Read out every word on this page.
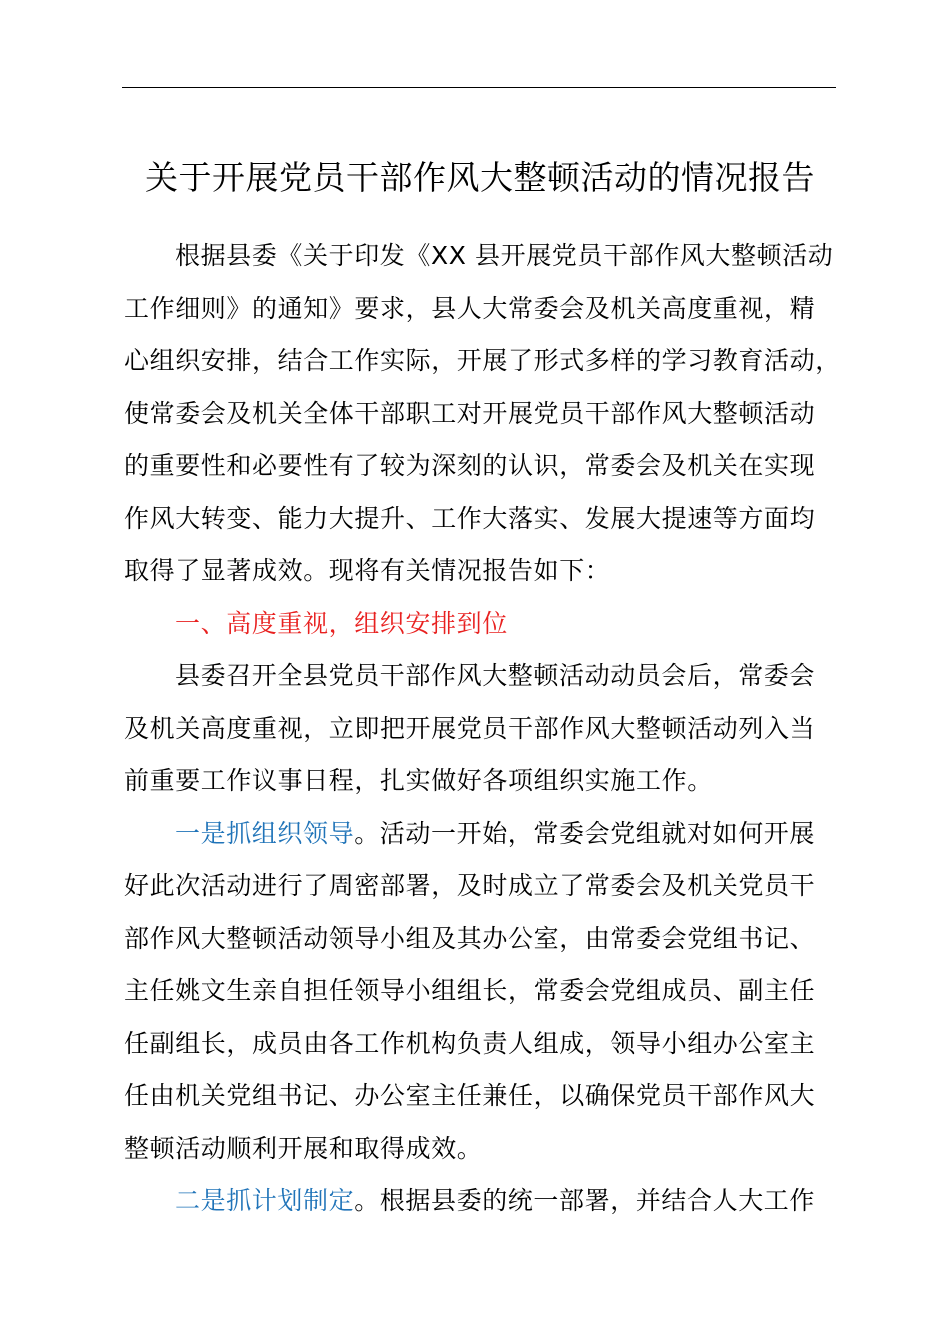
关于开展党员干部作风大整顿活动的情况报告
根据县委《关于印发《XX 县开展党员干部作风大整顿活动
工作细则》的通知》要求，县人大常委会及机关高度重视，精
心组织安排，结合工作实际，开展了形式多样的学习教育活动，
使常委会及机关全体干部职工对开展党员干部作风大整顿活动
的重要性和必要性有了较为深刻的认识，常委会及机关在实现
作风大转变、能力大提升、工作大落实、发展大提速等方面均
取得了显著成效。现将有关情况报告如下：
一、高度重视，组织安排到位
县委召开全县党员干部作风大整顿活动动员会后，常委会
及机关高度重视，立即把开展党员干部作风大整顿活动列入当
前重要工作议事日程，扎实做好各项组织实施工作。
一是抓组织领导。活动一开始，常委会党组就对如何开展
好此次活动进行了周密部署，及时成立了常委会及机关党员干
部作风大整顿活动领导小组及其办公室，由常委会党组书记、
主任姚文生亲自担任领导小组组长，常委会党组成员、副主任
任副组长，成员由各工作机构负责人组成，领导小组办公室主
任由机关党组书记、办公室主任兼任，以确保党员干部作风大
整顿活动顺利开展和取得成效。
二是抓计划制定。根据县委的统一部署，并结合人大工作
